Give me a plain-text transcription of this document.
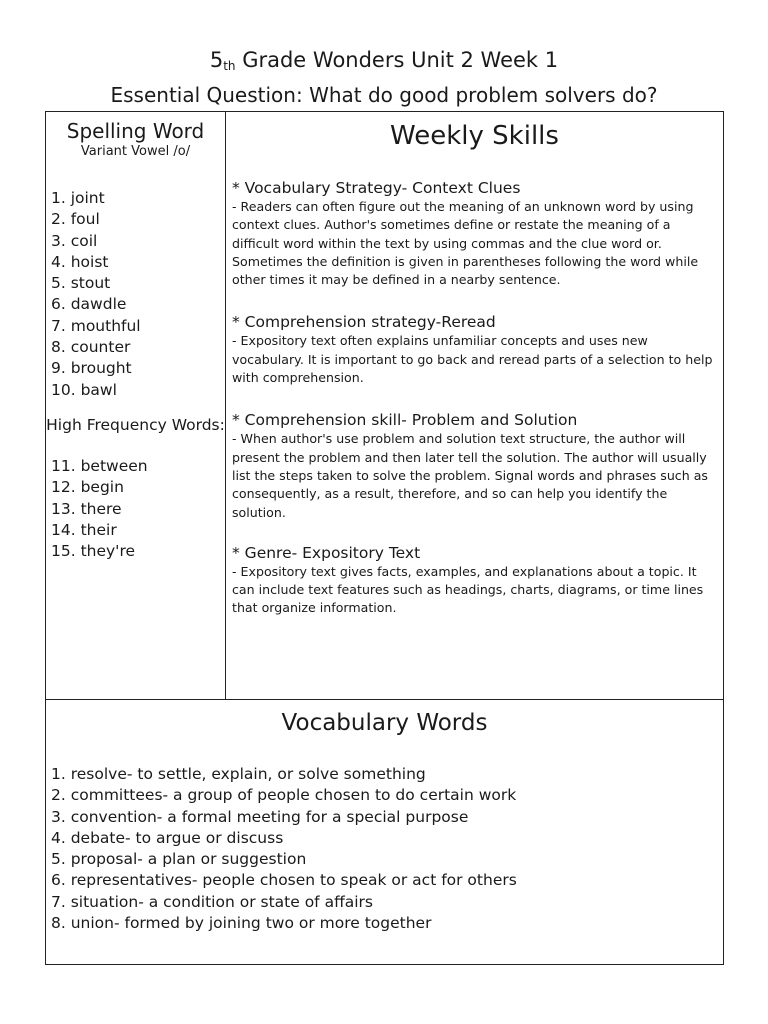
5th Grade Wonders Unit 2 Week 1
Essential Question: What do good problem solvers do?
Spelling Word
Variant Vowel /o/
1. joint
2. foul
3. coil
4. hoist
5. stout
6. dawdle
7. mouthful
8. counter
9. brought
10. bawl
High Frequency Words:
11. between
12. begin
13. there
14. their
15. they're
Weekly Skills
* Vocabulary Strategy- Context Clues
- Readers can often figure out the meaning of an unknown word by using context clues. Author's sometimes define or restate the meaning of a difficult word within the text by using commas and the clue word or. Sometimes the definition is given in parentheses following the word while other times it may be defined in a nearby sentence.
* Comprehension strategy-Reread
- Expository text often explains unfamiliar concepts and uses new vocabulary. It is important to go back and reread parts of a selection to help with comprehension.
* Comprehension skill- Problem and Solution
- When author's use problem and solution text structure, the author will present the problem and then later tell the solution. The author will usually list the steps taken to solve the problem. Signal words and phrases such as consequently, as a result, therefore, and so can help you identify the solution.
* Genre- Expository Text
- Expository text gives facts, examples, and explanations about a topic. It can include text features such as headings, charts, diagrams, or time lines that organize information.
Vocabulary Words
1. resolve- to settle, explain, or solve something
2. committees- a group of people chosen to do certain work
3. convention- a formal meeting for a special purpose
4. debate- to argue or discuss
5. proposal- a plan or suggestion
6. representatives- people chosen to speak or act for others
7. situation- a condition or state of affairs
8. union- formed by joining two or more together
